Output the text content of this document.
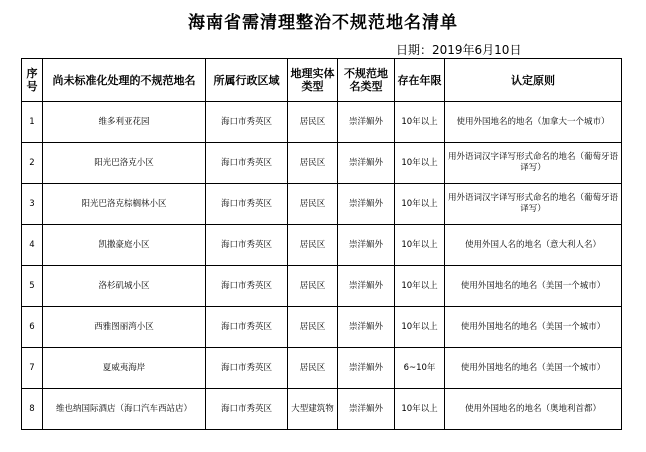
海南省需清理整治不规范地名清单
日期：2019年6月10日
序号	尚未标准化处理的不规范地名	所属行政区域	地理实体类型	不规范地名类型	存在年限	认定原则
1	维多利亚花园	海口市秀英区	居民区	崇洋媚外	10年以上	使用外国地名的地名（加拿大一个城市）
2	阳光巴洛克小区	海口市秀英区	居民区	崇洋媚外	10年以上	用外语词汉字译写形式命名的地名（葡萄牙语译写）
3	阳光巴洛克棕榈林小区	海口市秀英区	居民区	崇洋媚外	10年以上	用外语词汉字译写形式命名的地名（葡萄牙语译写）
4	凯撒豪庭小区	海口市秀英区	居民区	崇洋媚外	10年以上	使用外国人名的地名（意大利人名）
5	洛杉矶城小区	海口市秀英区	居民区	崇洋媚外	10年以上	使用外国地名的地名（美国一个城市）
6	西雅图丽湾小区	海口市秀英区	居民区	崇洋媚外	10年以上	使用外国地名的地名（美国一个城市）
7	夏威夷海岸	海口市秀英区	居民区	崇洋媚外	6~10年	使用外国地名的地名（美国一个城市）
8	维也纳国际酒店（海口汽车西站店）	海口市秀英区	大型建筑物	崇洋媚外	10年以上	使用外国地名的地名（奥地利首都）
